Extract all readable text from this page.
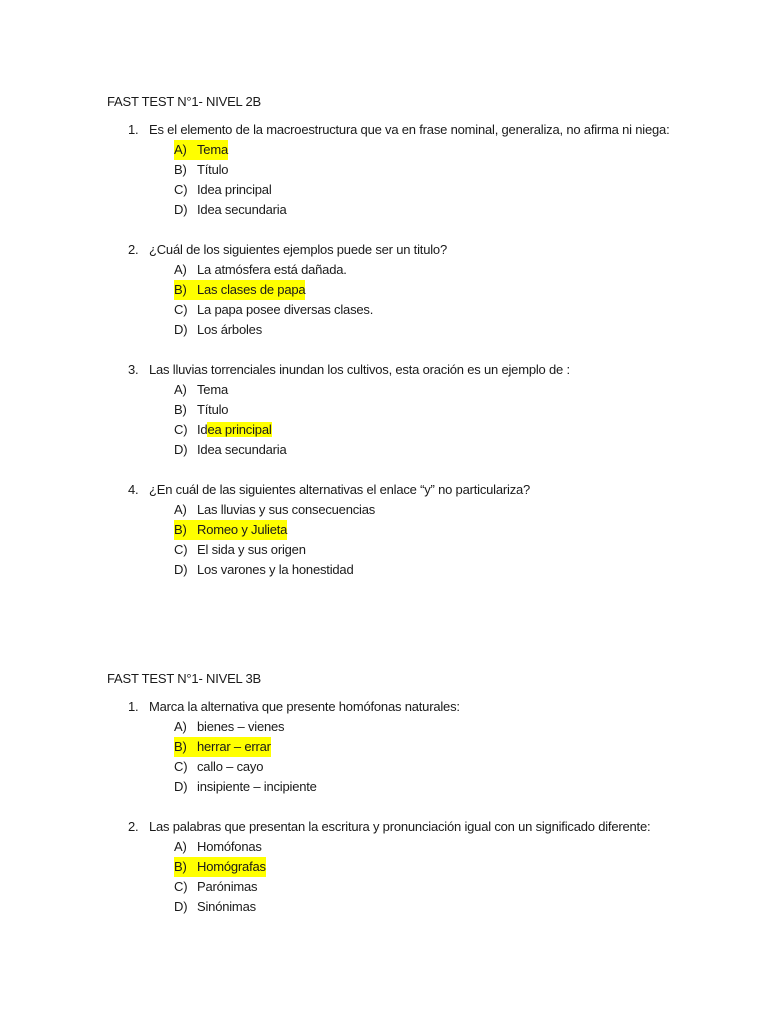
FAST TEST N°1- NIVEL 2B
1. Es el elemento de la macroestructura que va en frase nominal, generaliza, no afirma ni niega:
A) Tema
B) Título
C) Idea principal
D) Idea secundaria
2. ¿Cuál de los siguientes ejemplos puede ser un titulo?
A) La atmósfera está dañada.
B) Las clases de papa
C) La papa posee diversas clases.
D) Los árboles
3. Las lluvias torrenciales inundan los cultivos, esta oración es un ejemplo de :
A) Tema
B) Título
C) Idea principal
D) Idea secundaria
4. ¿En cuál de las siguientes alternativas el enlace “y” no particulariza?
A) Las lluvias y sus consecuencias
B) Romeo y Julieta
C) El sida y sus origen
D) Los varones y la honestidad
FAST TEST N°1- NIVEL 3B
1. Marca la alternativa que presente homófonas naturales:
A) bienes – vienes
B) herrar – errar
C) callo – cayo
D) insipiente – incipiente
2. Las palabras que presentan la escritura y pronunciación igual con un significado diferente:
A) Homófonas
B) Homógrafas
C) Parónimas
D) Sinónimas
